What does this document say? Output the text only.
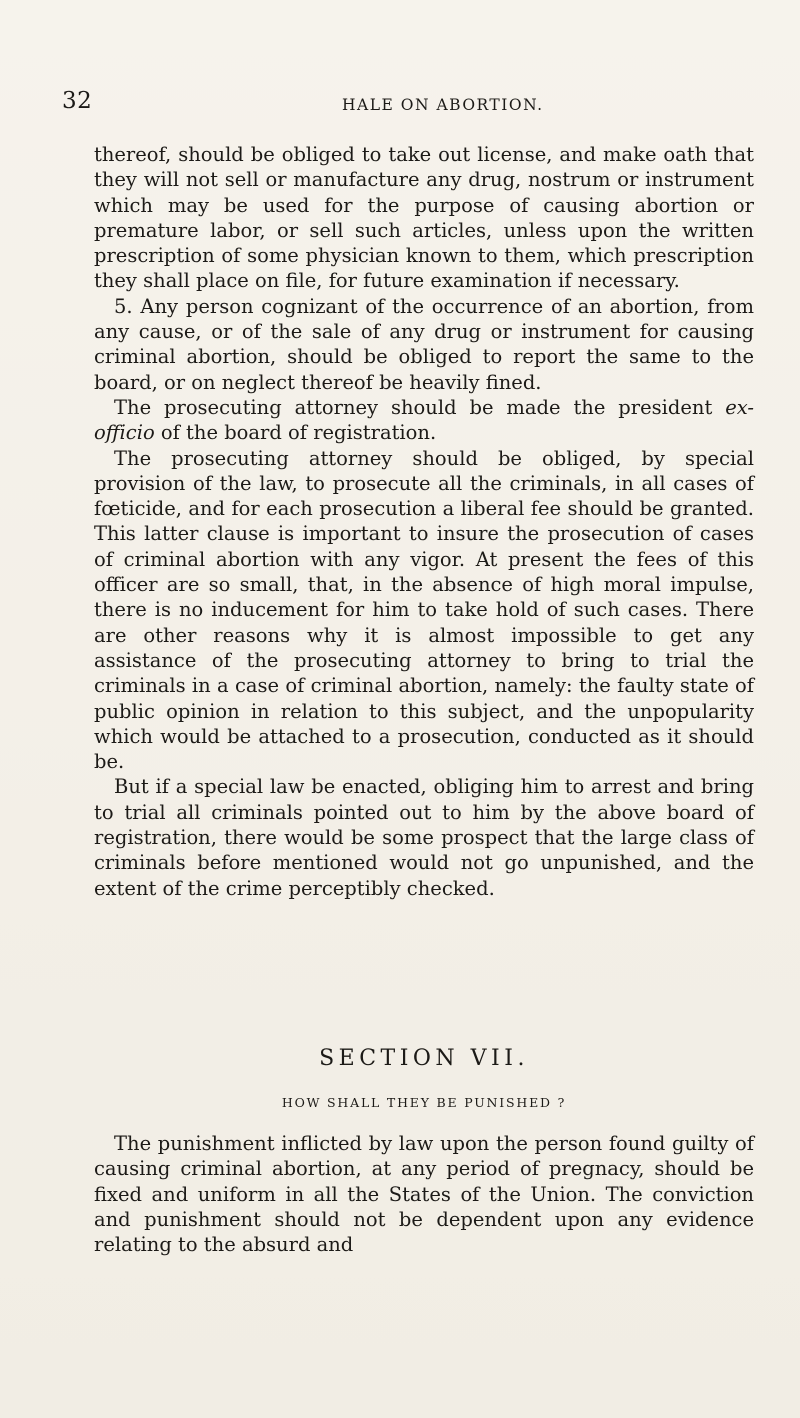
32	HALE ON ABORTION.

thereof, should be obliged to take out license, and make oath that they will not sell or manufacture any drug, nostrum or instrument which may be used for the purpose of causing abortion or premature labor, or sell such articles, unless upon the written prescription of some physician known to them, which prescription they shall place on file, for future examination if necessary.

5. Any person cognizant of the occurrence of an abortion, from any cause, or of the sale of any drug or instrument for causing criminal abortion, should be obliged to report the same to the board, or on neglect thereof be heavily fined.

The prosecuting attorney should be made the president ex-officio of the board of registration.

The prosecuting attorney should be obliged, by special provision of the law, to prosecute all the criminals, in all cases of fœticide, and for each prosecution a liberal fee should be granted. This latter clause is important to insure the prosecution of cases of criminal abortion with any vigor. At present the fees of this officer are so small, that, in the absence of high moral impulse, there is no inducement for him to take hold of such cases. There are other reasons why it is almost impossible to get any assistance of the prosecuting attorney to bring to trial the criminals in a case of criminal abortion, namely: the faulty state of public opinion in relation to this subject, and the unpopularity which would be attached to a prosecution, conducted as it should be.

But if a special law be enacted, obliging him to arrest and bring to trial all criminals pointed out to him by the above board of registration, there would be some prospect that the large class of criminals before mentioned would not go unpunished, and the extent of the crime perceptibly checked.

SECTION VII.
HOW SHALL THEY BE PUNISHED ?

The punishment inflicted by law upon the person found guilty of causing criminal abortion, at any period of pregnacy, should be fixed and uniform in all the States of the Union. The conviction and punishment should not be dependent upon any evidence relating to the absurd and
